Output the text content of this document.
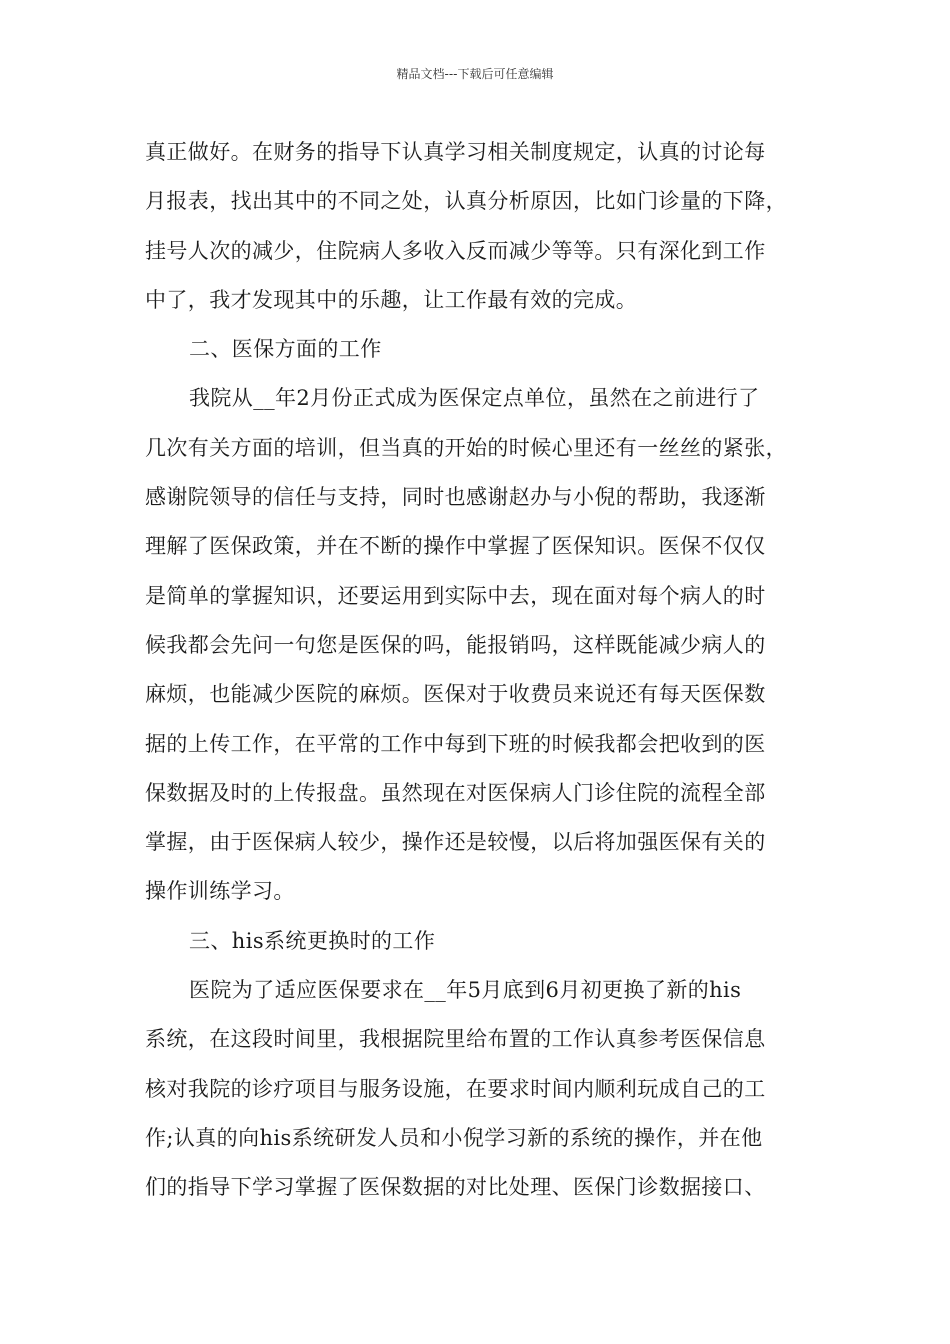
精品文档---下载后可任意编辑
真正做好。在财务的指导下认真学习相关制度规定，认真的讨论每
月报表，找出其中的不同之处，认真分析原因，比如门诊量的下降，
挂号人次的减少，住院病人多收入反而减少等等。只有深化到工作
中了，我才发现其中的乐趣，让工作最有效的完成。
二、医保方面的工作
我院从__年2月份正式成为医保定点单位，虽然在之前进行了
几次有关方面的培训，但当真的开始的时候心里还有一丝丝的紧张，
感谢院领导的信任与支持，同时也感谢赵办与小倪的帮助，我逐渐
理解了医保政策，并在不断的操作中掌握了医保知识。医保不仅仅
是简单的掌握知识，还要运用到实际中去，现在面对每个病人的时
候我都会先问一句您是医保的吗，能报销吗，这样既能减少病人的
麻烦，也能减少医院的麻烦。医保对于收费员来说还有每天医保数
据的上传工作，在平常的工作中每到下班的时候我都会把收到的医
保数据及时的上传报盘。虽然现在对医保病人门诊住院的流程全部
掌握，由于医保病人较少，操作还是较慢，以后将加强医保有关的
操作训练学习。
三、his系统更换时的工作
医院为了适应医保要求在__年5月底到6月初更换了新的his
系统，在这段时间里，我根据院里给布置的工作认真参考医保信息
核对我院的诊疗项目与服务设施，在要求时间内顺利玩成自己的工
作;认真的向his系统研发人员和小倪学习新的系统的操作，并在他
们的指导下学习掌握了医保数据的对比处理、医保门诊数据接口、
